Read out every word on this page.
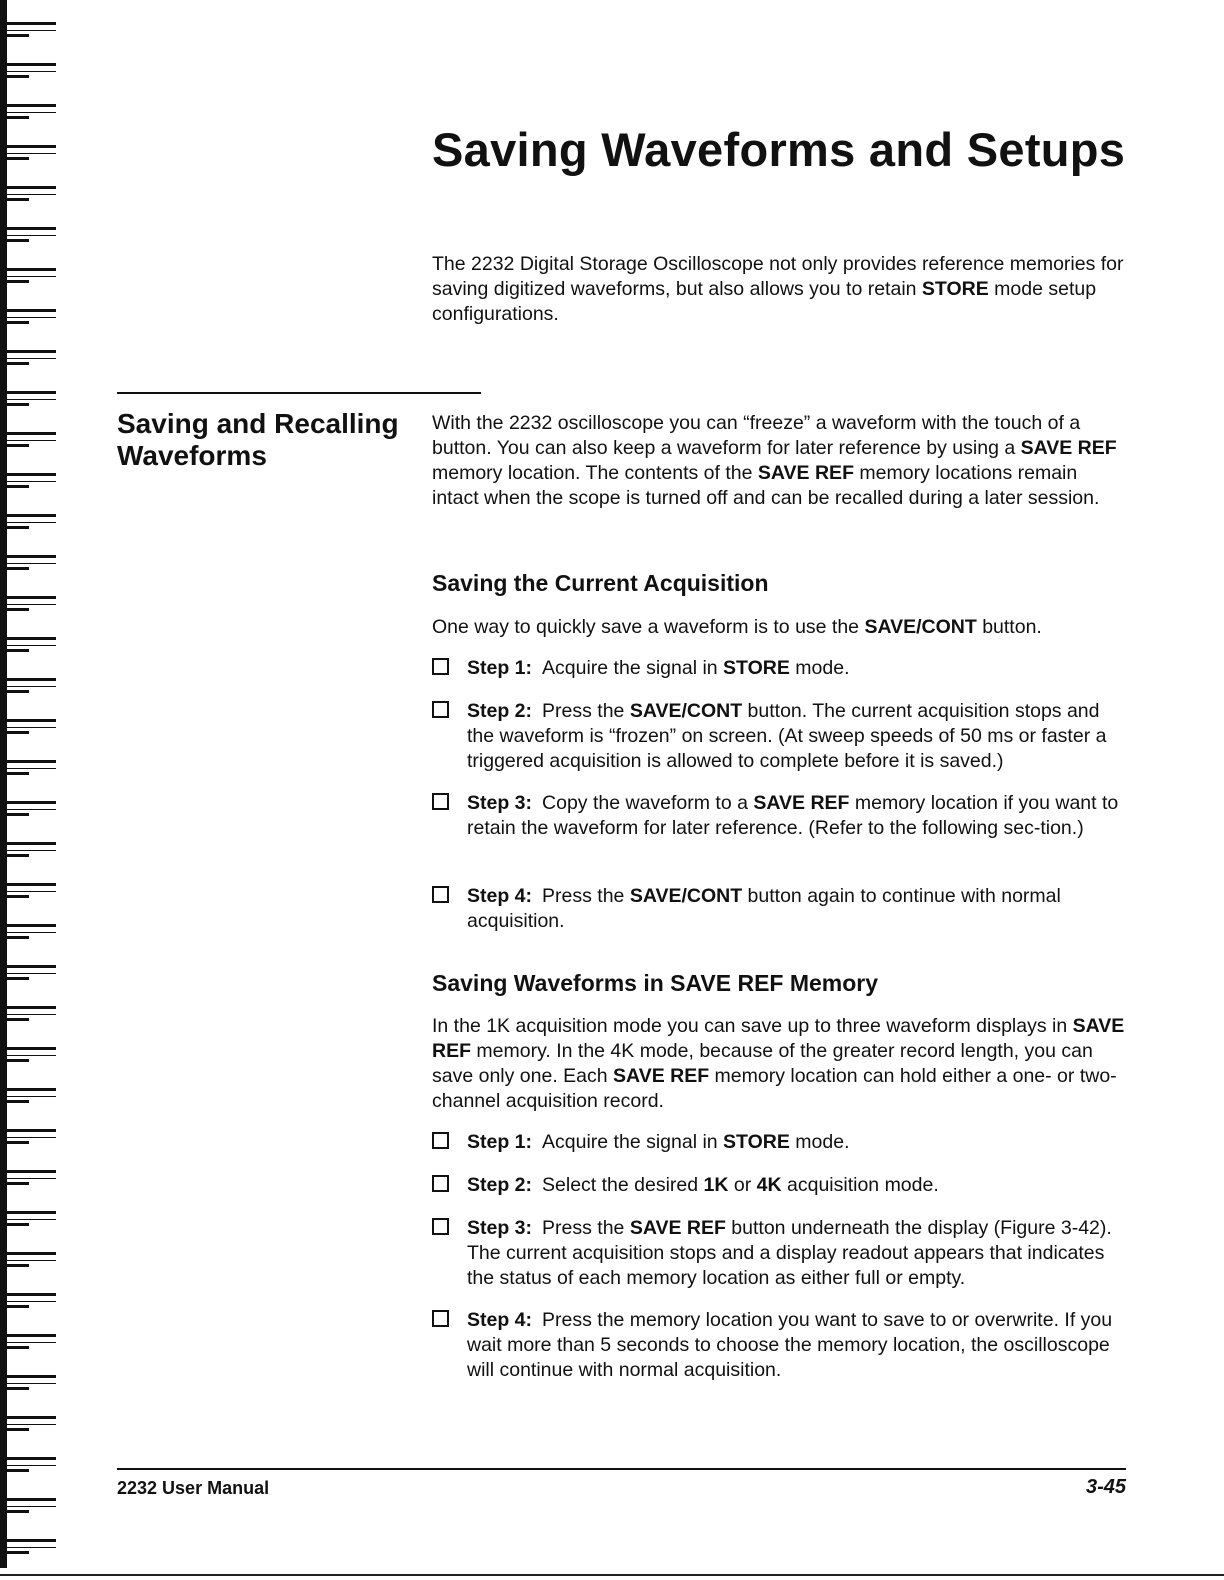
Saving Waveforms and Setups

The 2232 Digital Storage Oscilloscope not only provides reference memories for saving digitized waveforms, but also allows you to retain STORE mode setup configurations.

Saving and Recalling Waveforms

With the 2232 oscilloscope you can “freeze” a waveform with the touch of a button. You can also keep a waveform for later reference by using a SAVE REF memory location. The contents of the SAVE REF memory locations remain intact when the scope is turned off and can be recalled during a later session.

Saving the Current Acquisition

One way to quickly save a waveform is to use the SAVE/CONT button.

Step 1: Acquire the signal in STORE mode.

Step 2: Press the SAVE/CONT button. The current acquisition stops and the waveform is “frozen” on screen. (At sweep speeds of 50 ms or faster a triggered acquisition is allowed to complete before it is saved.)

Step 3: Copy the waveform to a SAVE REF memory location if you want to retain the waveform for later reference. (Refer to the following sec-tion.)

Step 4: Press the SAVE/CONT button again to continue with normal acquisition.

Saving Waveforms in SAVE REF Memory

In the 1K acquisition mode you can save up to three waveform displays in SAVE REF memory. In the 4K mode, because of the greater record length, you can save only one. Each SAVE REF memory location can hold either a one- or two-channel acquisition record.

Step 1: Acquire the signal in STORE mode.

Step 2: Select the desired 1K or 4K acquisition mode.

Step 3: Press the SAVE REF button underneath the display (Figure 3-42). The current acquisition stops and a display readout appears that indicates the status of each memory location as either full or empty.

Step 4: Press the memory location you want to save to or overwrite. If you wait more than 5 seconds to choose the memory location, the oscilloscope will continue with normal acquisition.

2232 User Manual	3-45
